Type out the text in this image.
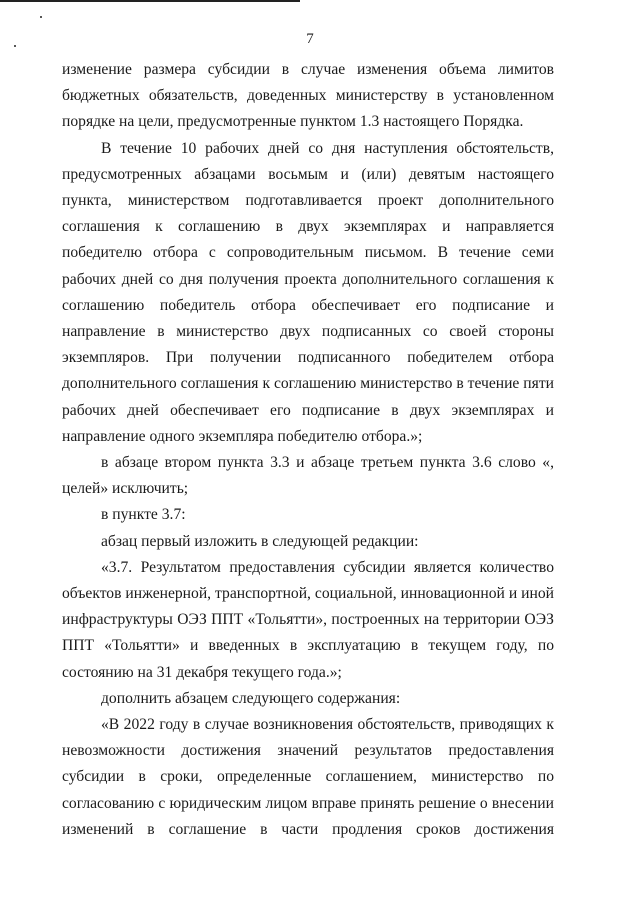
7

изменение размера субсидии в случае изменения объема лимитов бюджетных обязательств, доведенных министерству в установленном порядке на цели, предусмотренные пунктом 1.3 настоящего Порядка.

В течение 10 рабочих дней со дня наступления обстоятельств, предусмотренных абзацами восьмым и (или) девятым настоящего пункта, министерством подготавливается проект дополнительного соглашения к соглашению в двух экземплярах и направляется победителю отбора с сопроводительным письмом. В течение семи рабочих дней со дня получения проекта дополнительного соглашения к соглашению победитель отбора обеспечивает его подписание и направление в министерство двух подписанных со своей стороны экземпляров. При получении подписанного победителем отбора дополнительного соглашения к соглашению министерство в течение пяти рабочих дней обеспечивает его подписание в двух экземплярах и направление одного экземпляра победителю отбора.»;

в абзаце втором пункта 3.3 и абзаце третьем пункта 3.6 слово «, целей» исключить;

в пункте 3.7:

абзац первый изложить в следующей редакции:

«3.7. Результатом предоставления субсидии является количество объектов инженерной, транспортной, социальной, инновационной и иной инфраструктуры ОЭЗ ППТ «Тольятти», построенных на территории ОЭЗ ППТ «Тольятти» и введенных в эксплуатацию в текущем году, по состоянию на 31 декабря текущего года.»;

дополнить абзацем следующего содержания:

«В 2022 году в случае возникновения обстоятельств, приводящих к невозможности достижения значений результатов предоставления субсидии в сроки, определенные соглашением, министерство по согласованию с юридическим лицом вправе принять решение о внесении изменений в соглашение в части продления сроков достижения
